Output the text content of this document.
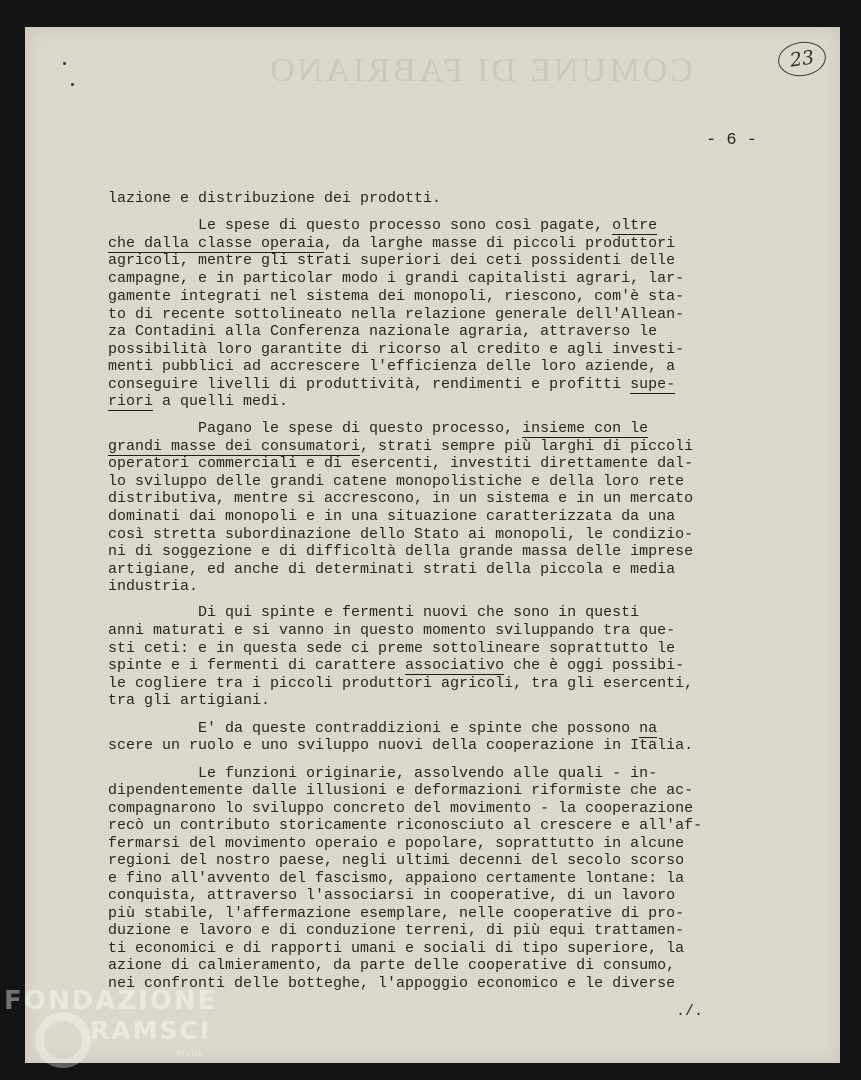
COMUNE DI FABRIANO	23
- 6 -
lazione e distribuzione dei prodotti.
Le spese di questo processo sono così pagate, oltre
che dalla classe operaia, da larghe masse di piccoli produttori
agricoli, mentre gli strati superiori dei ceti possidenti delle
campagne, e in particolar modo i grandi capitalisti agrari, lar-
gamente integrati nel sistema dei monopoli, riescono, com'è sta-
to di recente sottolineato nella relazione generale dell'Allean-
za Contadini alla Conferenza nazionale agraria, attraverso le
possibilità loro garantite di ricorso al credito e agli investi-
menti pubblici ad accrescere l'efficienza delle loro aziende, a
conseguire livelli di produttività, rendimenti e profitti supe-
riori a quelli medi.
Pagano le spese di questo processo, insieme con le
grandi masse dei consumatori, strati sempre più larghi di piccoli
operatori commerciali e di esercenti, investiti direttamente dal-
lo sviluppo delle grandi catene monopolistiche e della loro rete
distributiva, mentre si accrescono, in un sistema e in un mercato
dominati dai monopoli e in una situazione caratterizzata da una
così stretta subordinazione dello Stato ai monopoli, le condizio-
ni di soggezione e di difficoltà della grande massa delle imprese
artigiane, ed anche di determinati strati della piccola e media
industria.
Di qui spinte e fermenti nuovi che sono in questi
anni maturati e si vanno in questo momento sviluppando tra que-
sti ceti: e in questa sede ci preme sottolineare soprattutto le
spinte e i fermenti di carattere associativo che è oggi possibi-
le cogliere tra i piccoli produttori agricoli, tra gli esercenti,
tra gli artigiani.
E' da queste contraddizioni e spinte che possono na
scere un ruolo e uno sviluppo nuovi della cooperazione in Italia.
Le funzioni originarie, assolvendo alle quali - in-
dipendentemente dalle illusioni e deformazioni riformiste che ac-
compagnarono lo sviluppo concreto del movimento - la cooperazione
recò un contributo storicamente riconosciuto al crescere e all'af-
fermarsi del movimento operaio e popolare, soprattutto in alcune
regioni del nostro paese, negli ultimi decenni del secolo scorso
e fino all'avvento del fascismo, appaiono certamente lontane: la
conquista, attraverso l'associarsi in cooperative, di un lavoro
più stabile, l'affermazione esemplare, nelle cooperative di pro-
duzione e lavoro e di conduzione terreni, di più equi trattamen-
ti economici e di rapporti umani e sociali di tipo superiore, la
azione di calmieramento, da parte delle cooperative di consumo,
nei confronti delle botteghe, l'appoggio economico e le diverse
./.
FONDAZIONE
RAMSCI
onlus
